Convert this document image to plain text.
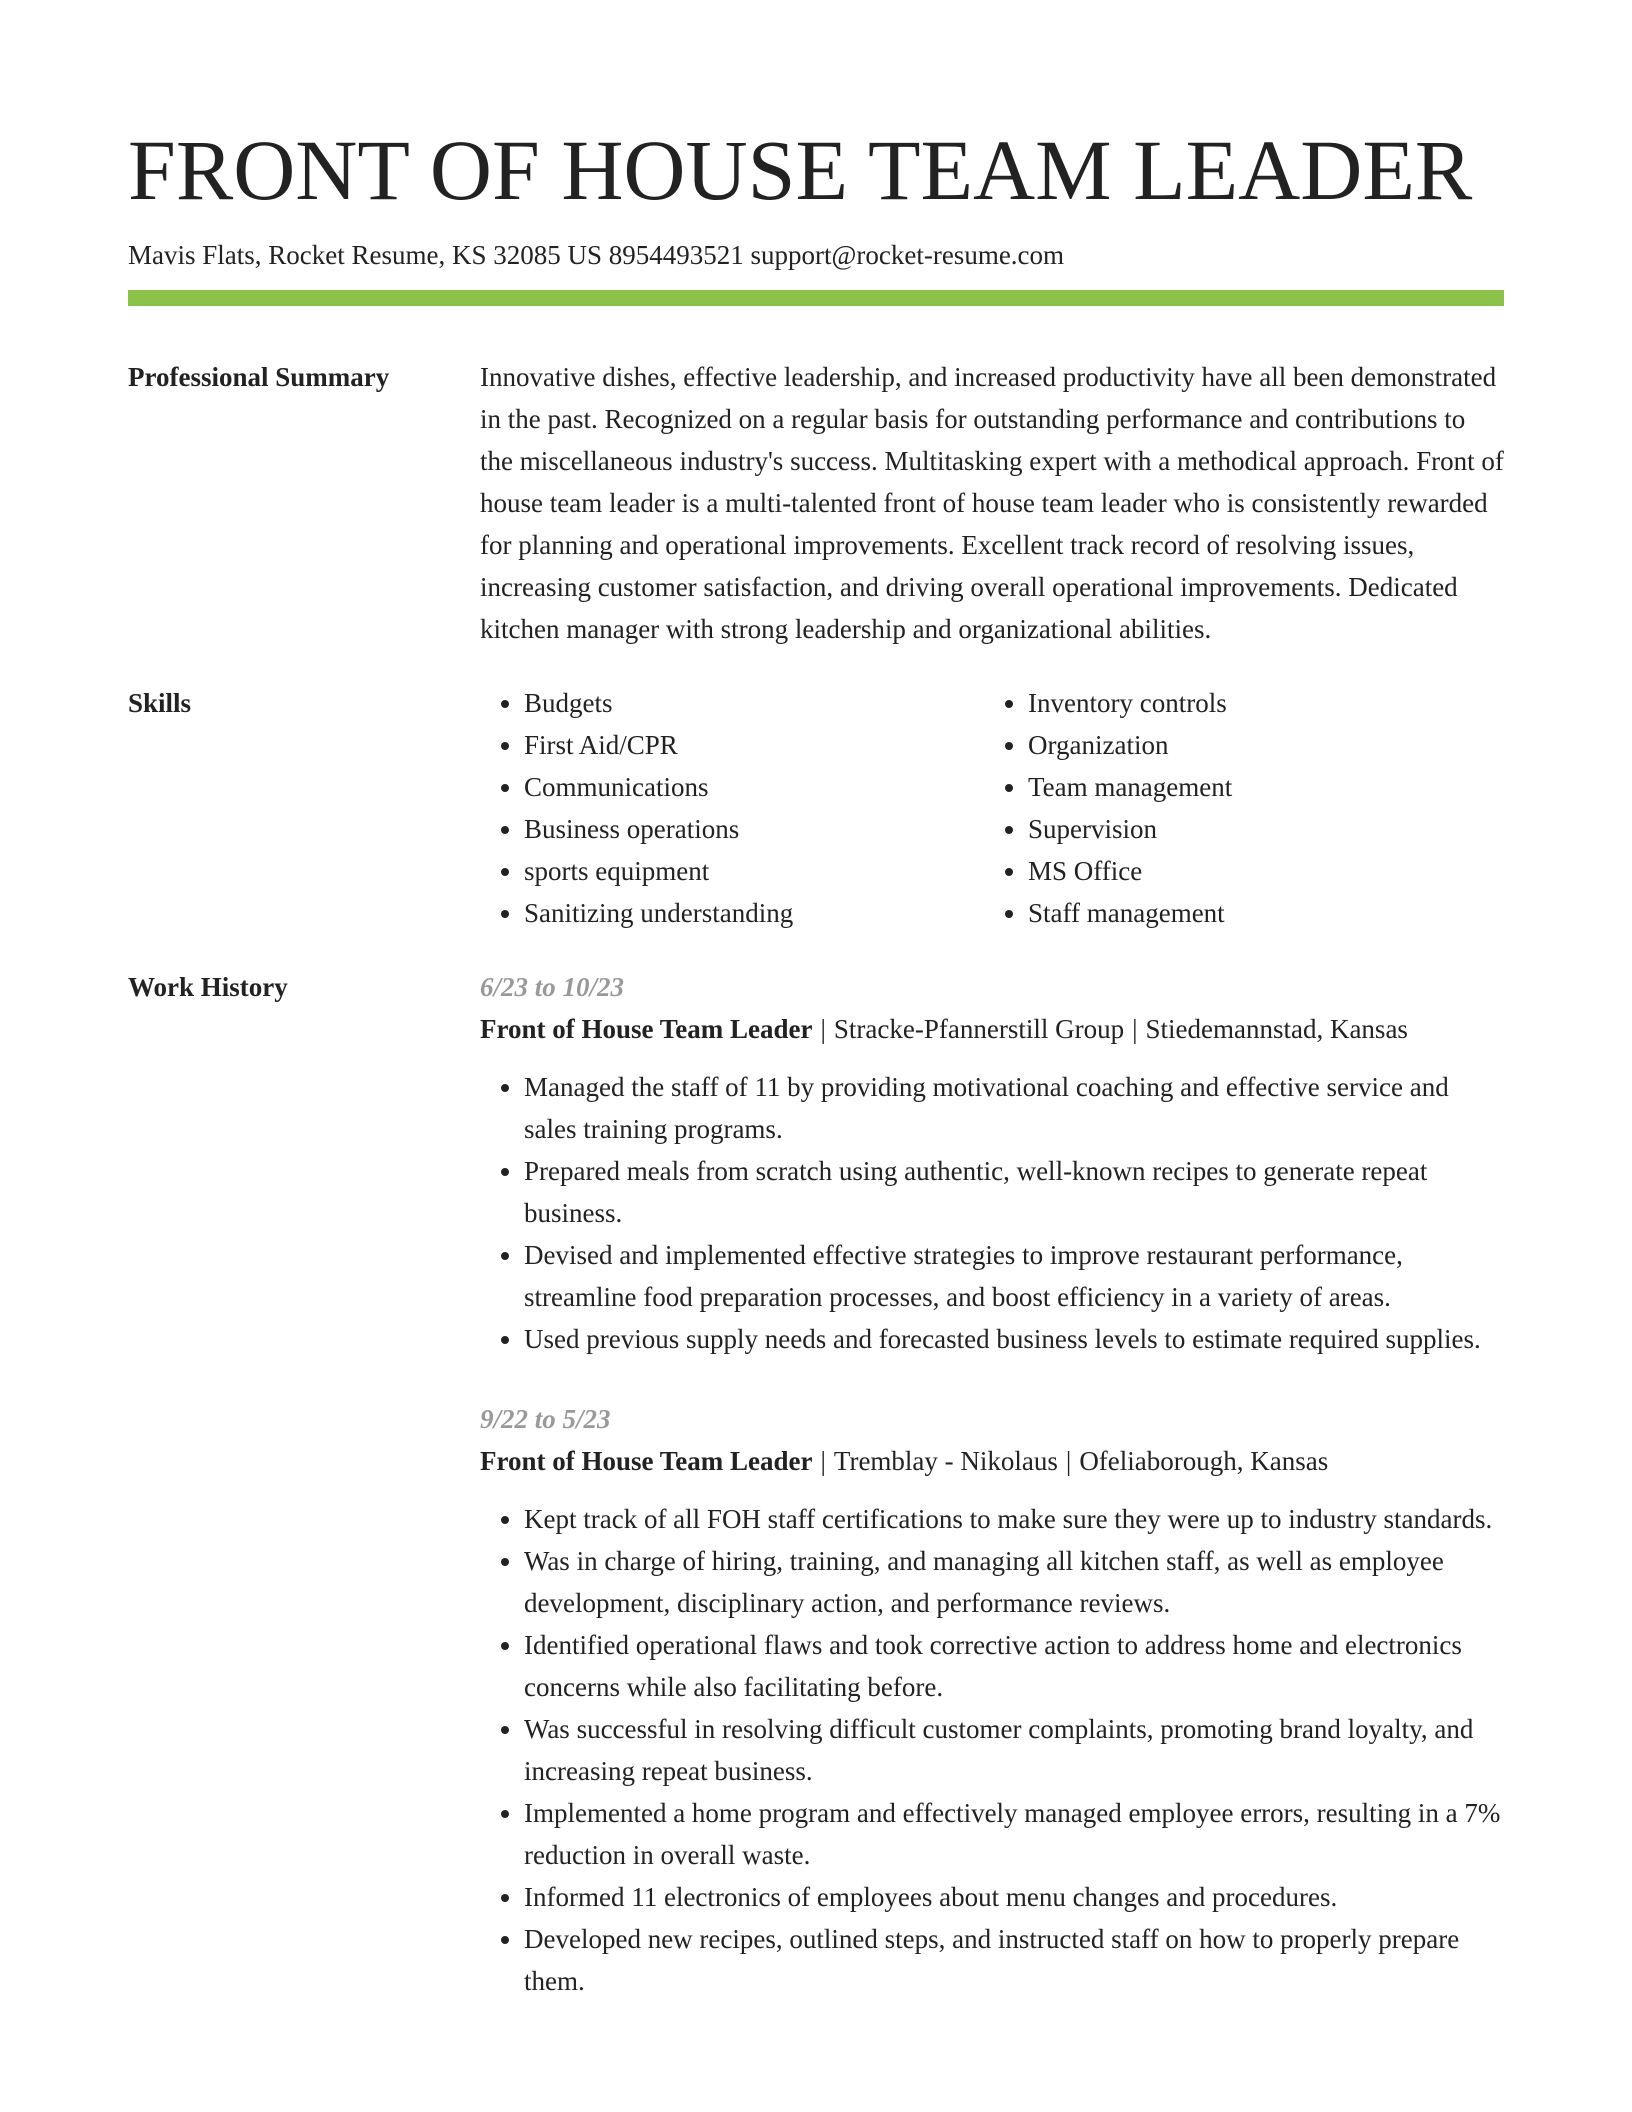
FRONT OF HOUSE TEAM LEADER
Mavis Flats, Rocket Resume, KS 32085 US 8954493521 support@rocket-resume.com
Professional Summary	Innovative dishes, effective leadership, and increased productivity have all been demonstrated in the past. Recognized on a regular basis for outstanding performance and contributions to the miscellaneous industry's success. Multitasking expert with a methodical approach. Front of house team leader is a multi-talented front of house team leader who is consistently rewarded for planning and operational improvements. Excellent track record of resolving issues, increasing customer satisfaction, and driving overall operational improvements. Dedicated kitchen manager with strong leadership and organizational abilities.

Skills
•	Budgets
• First Aid/CPR
• Communications
• Business operations
• sports equipment
• Sanitizing understanding
• Inventory controls
• Organization
• Team management
• Supervision
• MS Office
• Staff management
Work History	6/23 to 10/23
Front of House Team Leader | Stracke-Pfannerstill Group | Stiedemannstad, Kansas
• Managed the staff of 11 by providing motivational coaching and effective service and sales training programs.
• Prepared meals from scratch using authentic, well-known recipes to generate repeat business.
• Devised and implemented effective strategies to improve restaurant performance, streamline food preparation processes, and boost efficiency in a variety of areas.
• Used previous supply needs and forecasted business levels to estimate required supplies.
9/22 to 5/23
Front of House Team Leader | Tremblay - Nikolaus | Ofeliaborough, Kansas
• Kept track of all FOH staff certifications to make sure they were up to industry standards.
• Was in charge of hiring, training, and managing all kitchen staff, as well as employee development, disciplinary action, and performance reviews.
• Identified operational flaws and took corrective action to address home and electronics concerns while also facilitating before.
• Was successful in resolving difficult customer complaints, promoting brand loyalty, and increasing repeat business.
• Implemented a home program and effectively managed employee errors, resulting in a 7% reduction in overall waste.
• Informed 11 electronics of employees about menu changes and procedures.
• Developed new recipes, outlined steps, and instructed staff on how to properly prepare them.
